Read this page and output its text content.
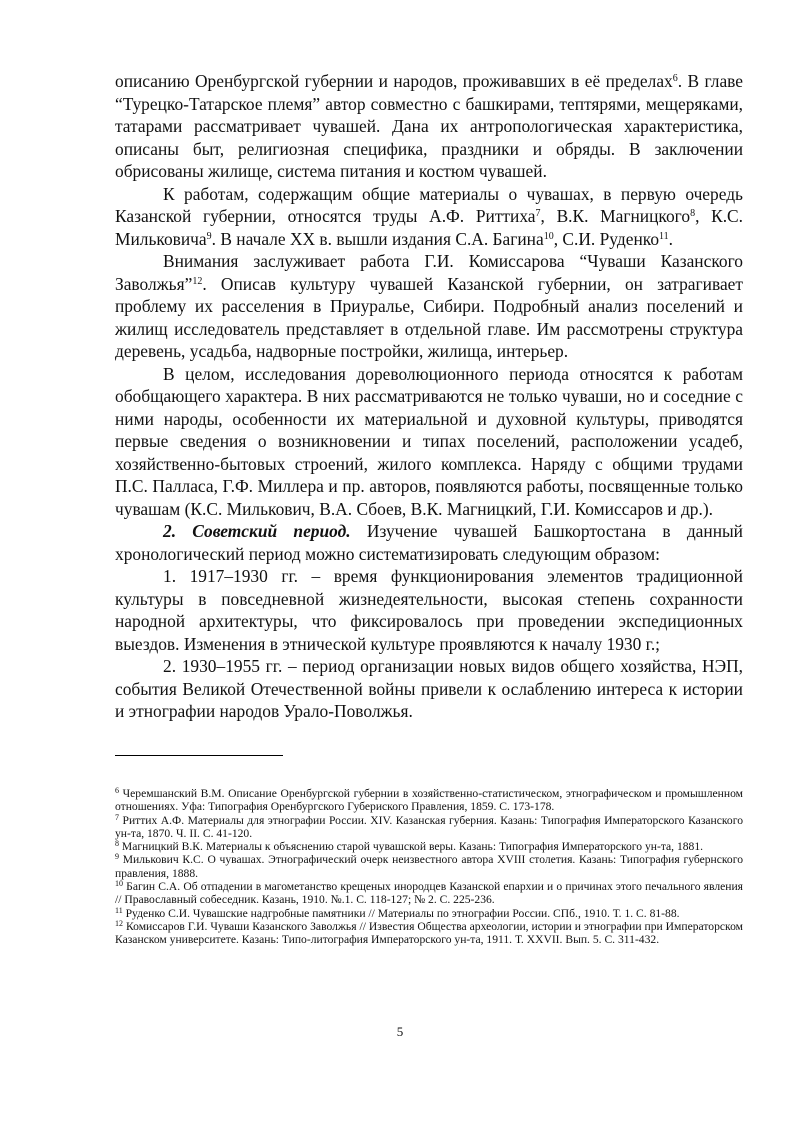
описанию Оренбургской губернии и народов, проживавших в её пределах$^6$. В главе “Турецко-Татарское племя” автор совместно с башкирами, тептярями, мещеряками, татарами рассматривает чувашей. Дана их антропологическая характеристика, описаны быт, религиозная специфика, праздники и обряды. В заключении обрисованы жилище, система питания и костюм чувашей.

К работам, содержащим общие материалы о чувашах, в первую очередь Казанской губернии, относятся труды А.Ф. Риттиха$^7$, В.К. Магницкого$^8$, К.С. Мильковича$^9$. В начале XX в. вышли издания С.А. Багина$^{10}$, С.И. Руденко$^{11}$.

Внимания заслуживает работа Г.И. Комиссарова “Чуваши Казанского Заволжья”$^{12}$. Описав культуру чувашей Казанской губернии, он затрагивает проблему их расселения в Приуралье, Сибири. Подробный анализ поселений и жилищ исследователь представляет в отдельной главе. Им рассмотрены структура деревень, усадьба, надворные постройки, жилища, интерьер.

В целом, исследования дореволюционного периода относятся к работам обобщающего характера. В них рассматриваются не только чуваши, но и соседние с ними народы, особенности их материальной и духовной культуры, приводятся первые сведения о возникновении и типах поселений, расположении усадеб, хозяйственно-бытовых строений, жилого комплекса. Наряду с общими трудами П.С. Палласа, Г.Ф. Миллера и пр. авторов, появляются работы, посвященные только чувашам (К.С. Милькович, В.А. Сбоев, В.К. Магницкий, Г.И. Комиссаров и др.).

2. Советский период. Изучение чувашей Башкортостана в данный хронологический период можно систематизировать следующим образом:

1. 1917–1930 гг. – время функционирования элементов традиционной культуры в повседневной жизнедеятельности, высокая степень сохранности народной архитектуры, что фиксировалось при проведении экспедиционных выездов. Изменения в этнической культуре проявляются к началу 1930 г.;

2. 1930–1955 гг. – период организации новых видов общего хозяйства, НЭП, события Великой Отечественной войны привели к ослаблению интереса к истории и этнографии народов Урало-Поволжья.

$^6$ Черемшанский В.М. Описание Оренбургской губернии в хозяйственно-статистическом, этнографическом и промышленном отношениях. Уфа: Типография Оренбургского Губериского Правления, 1859. С. 173-178.

$^7$ Риттих А.Ф. Материалы для этнографии России. XIV. Казанская губерния. Казань: Типография Императорского Казанского ун-та, 1870. Ч. II. С. 41-120.

$^8$ Магницкий В.К. Материалы к объяснению старой чувашской веры. Казань: Типография Императорского ун-та, 1881.

$^9$ Милькович К.С. О чувашах. Этнографический очерк неизвестного автора XVIII столетия. Казань: Типография губернского правления, 1888.

$^{10}$ Багин С.А. Об отпадении в магометанство крещеных инородцев Казанской епархии и о причинах этого печального явления // Православный собеседник. Казань, 1910. №.1. С. 118-127; № 2. С. 225-236.

$^{11}$ Руденко С.И. Чувашские надгробные памятники // Материалы по этнографии России. СПб., 1910. Т. 1. С. 81-88.

$^{12}$ Комиссаров Г.И. Чуваши Казанского Заволжья // Известия Общества археологии, истории и этнографии при Императорском Казанском университете. Казань: Типо-литография Императорского ун-та, 1911. Т. XXVII. Вып. 5. С. 311-432.

5
